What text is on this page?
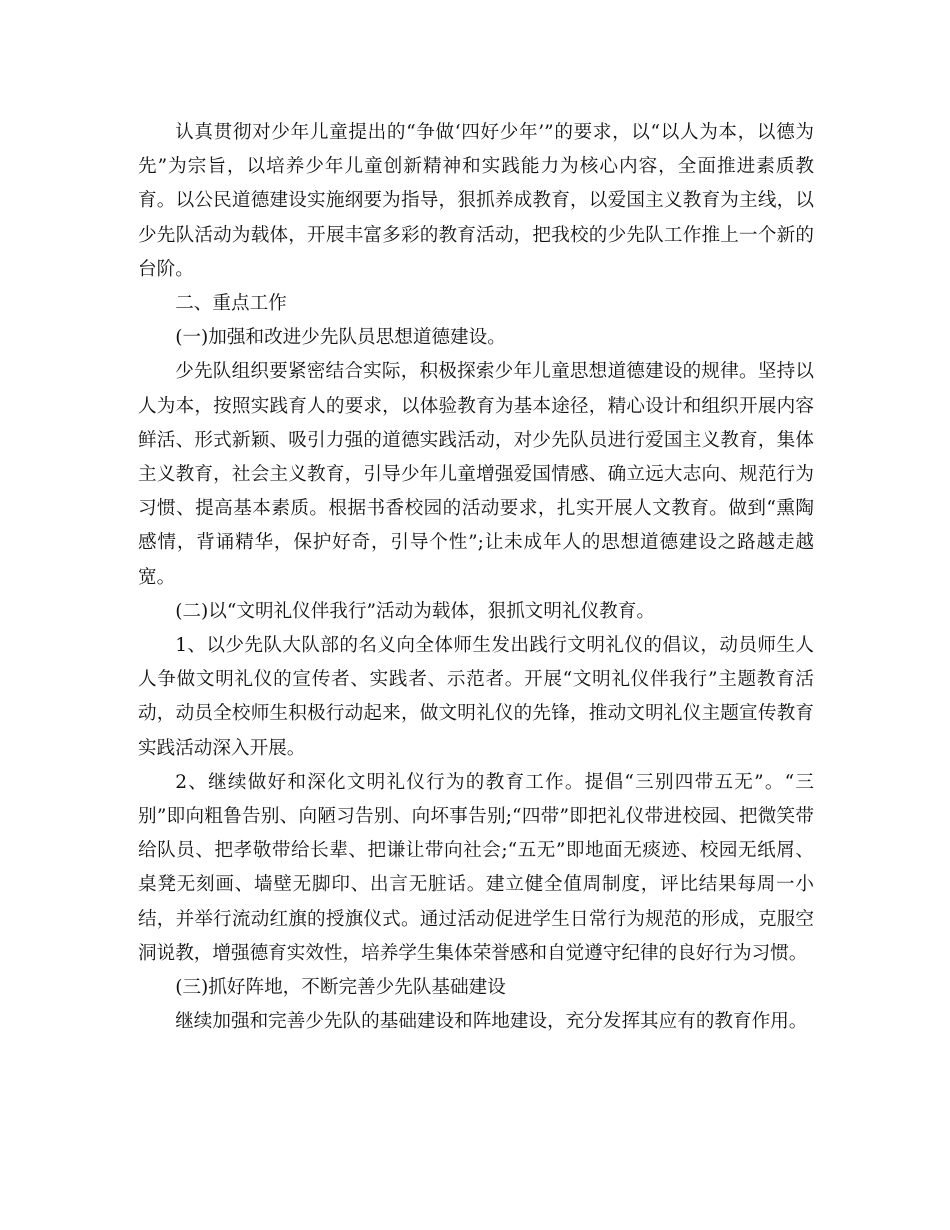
认真贯彻对少年儿童提出的“争做‘四好少年’”的要求，以“以人为本，以德为先”为宗旨，以培养少年儿童创新精神和实践能力为核心内容，全面推进素质教育。以公民道德建设实施纲要为指导，狠抓养成教育，以爱国主义教育为主线，以少先队活动为载体，开展丰富多彩的教育活动，把我校的少先队工作推上一个新的台阶。

二、重点工作

(一)加强和改进少先队员思想道德建设。

少先队组织要紧密结合实际，积极探索少年儿童思想道德建设的规律。坚持以人为本，按照实践育人的要求，以体验教育为基本途径，精心设计和组织开展内容鲜活、形式新颖、吸引力强的道德实践活动，对少先队员进行爱国主义教育，集体主义教育，社会主义教育，引导少年儿童增强爱国情感、确立远大志向、规范行为习惯、提高基本素质。根据书香校园的活动要求，扎实开展人文教育。做到“熏陶感情，背诵精华，保护好奇，引导个性”;让未成年人的思想道德建设之路越走越宽。

(二)以“文明礼仪伴我行”活动为载体，狠抓文明礼仪教育。

1、以少先队大队部的名义向全体师生发出践行文明礼仪的倡议，动员师生人人争做文明礼仪的宣传者、实践者、示范者。开展“文明礼仪伴我行”主题教育活动，动员全校师生积极行动起来，做文明礼仪的先锋，推动文明礼仪主题宣传教育实践活动深入开展。

2、继续做好和深化文明礼仪行为的教育工作。提倡“三别四带五无”。“三别”即向粗鲁告别、向陋习告别、向坏事告别;“四带”即把礼仪带进校园、把微笑带给队员、把孝敬带给长辈、把谦让带向社会;“五无”即地面无痰迹、校园无纸屑、桌凳无刻画、墙壁无脚印、出言无脏话。建立健全值周制度，评比结果每周一小结，并举行流动红旗的授旗仪式。通过活动促进学生日常行为规范的形成，克服空洞说教，增强德育实效性，培养学生集体荣誉感和自觉遵守纪律的良好行为习惯。

(三)抓好阵地，不断完善少先队基础建设

继续加强和完善少先队的基础建设和阵地建设，充分发挥其应有的教育作用。
